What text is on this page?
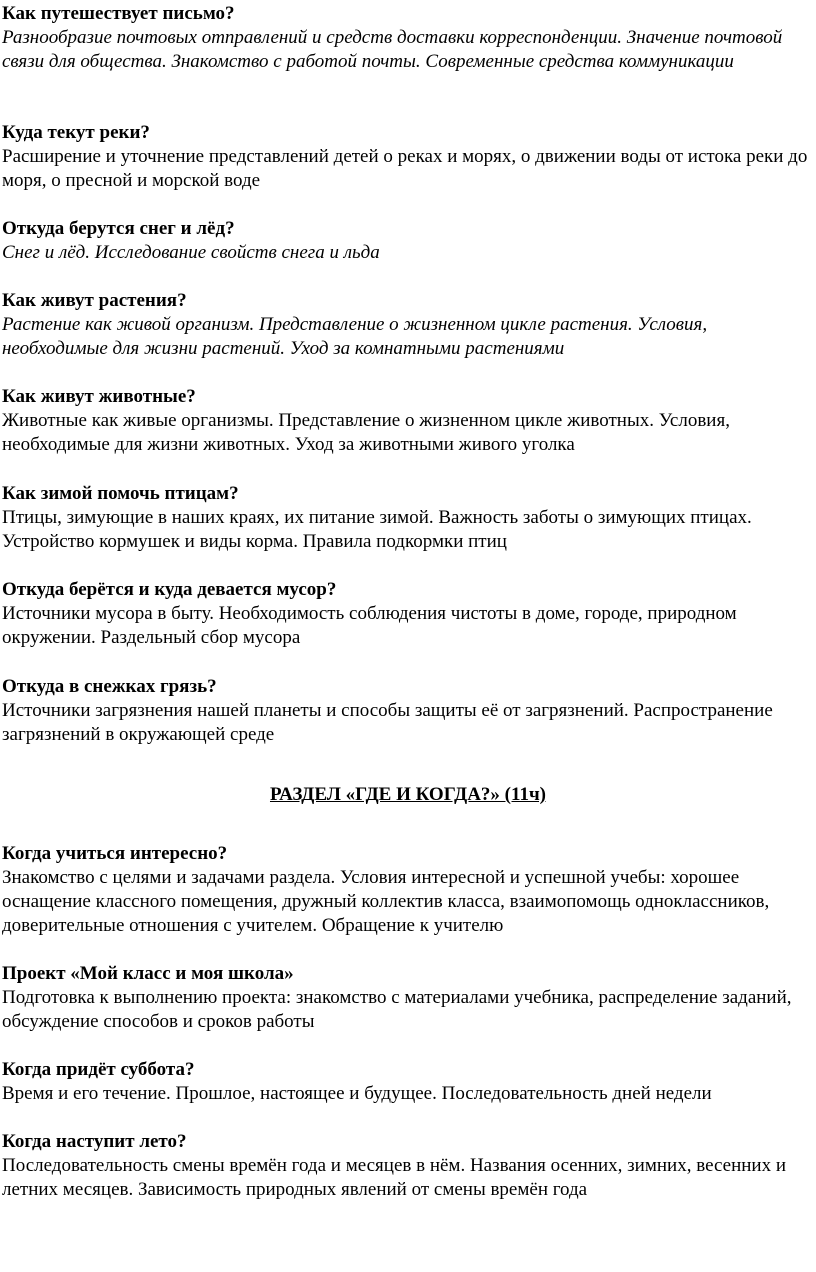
Как путешествует письмо?
Разнообразие почтовых отправлений и средств доставки корреспонденции. Значение почтовой связи для общества. Знакомство с работой почты. Современные средства коммуникации
Куда текут реки?
Расширение и уточнение представлений детей о реках и морях, о движении воды от истока реки до моря, о пресной и морской воде
Откуда берутся снег и лёд?
Снег и лёд. Исследование свойств снега и льда
Как живут растения?
Растение как живой организм. Представление о жизненном цикле растения. Условия, необходимые для жизни растений. Уход за комнатными растениями
Как живут животные?
Животные как живые организмы. Представление о жизненном цикле животных. Условия, необходимые для жизни животных. Уход за животными живого уголка
Как зимой помочь птицам?
Птицы, зимующие в наших краях, их питание зимой. Важность заботы о зимующих птицах. Устройство кормушек и виды корма. Правила подкормки птиц
Откуда берётся и куда девается мусор?
Источники мусора в быту. Необходимость соблюдения чистоты в доме, городе, природном окружении. Раздельный сбор мусора
Откуда в снежках грязь?
Источники загрязнения нашей планеты и способы защиты её от загрязнений. Распространение загрязнений в окружающей среде
РАЗДЕЛ «ГДЕ И КОГДА?» (11ч)
Когда учиться интересно?
Знакомство с целями и задачами раздела. Условия интересной и успешной учебы: хорошее оснащение классного помещения, дружный коллектив класса, взаимопомощь одноклассников, доверительные отношения с учителем. Обращение к учителю
Проект «Мой класс и моя школа»
Подготовка к выполнению проекта: знакомство с материалами учебника, распределение заданий, обсуждение способов и сроков работы
Когда придёт суббота?
Время и его течение. Прошлое, настоящее и будущее. Последовательность дней недели
Когда наступит лето?
Последовательность смены времён года и месяцев в нём. Названия осенних, зимних, весенних и летних месяцев. Зависимость природных явлений от смены времён года
